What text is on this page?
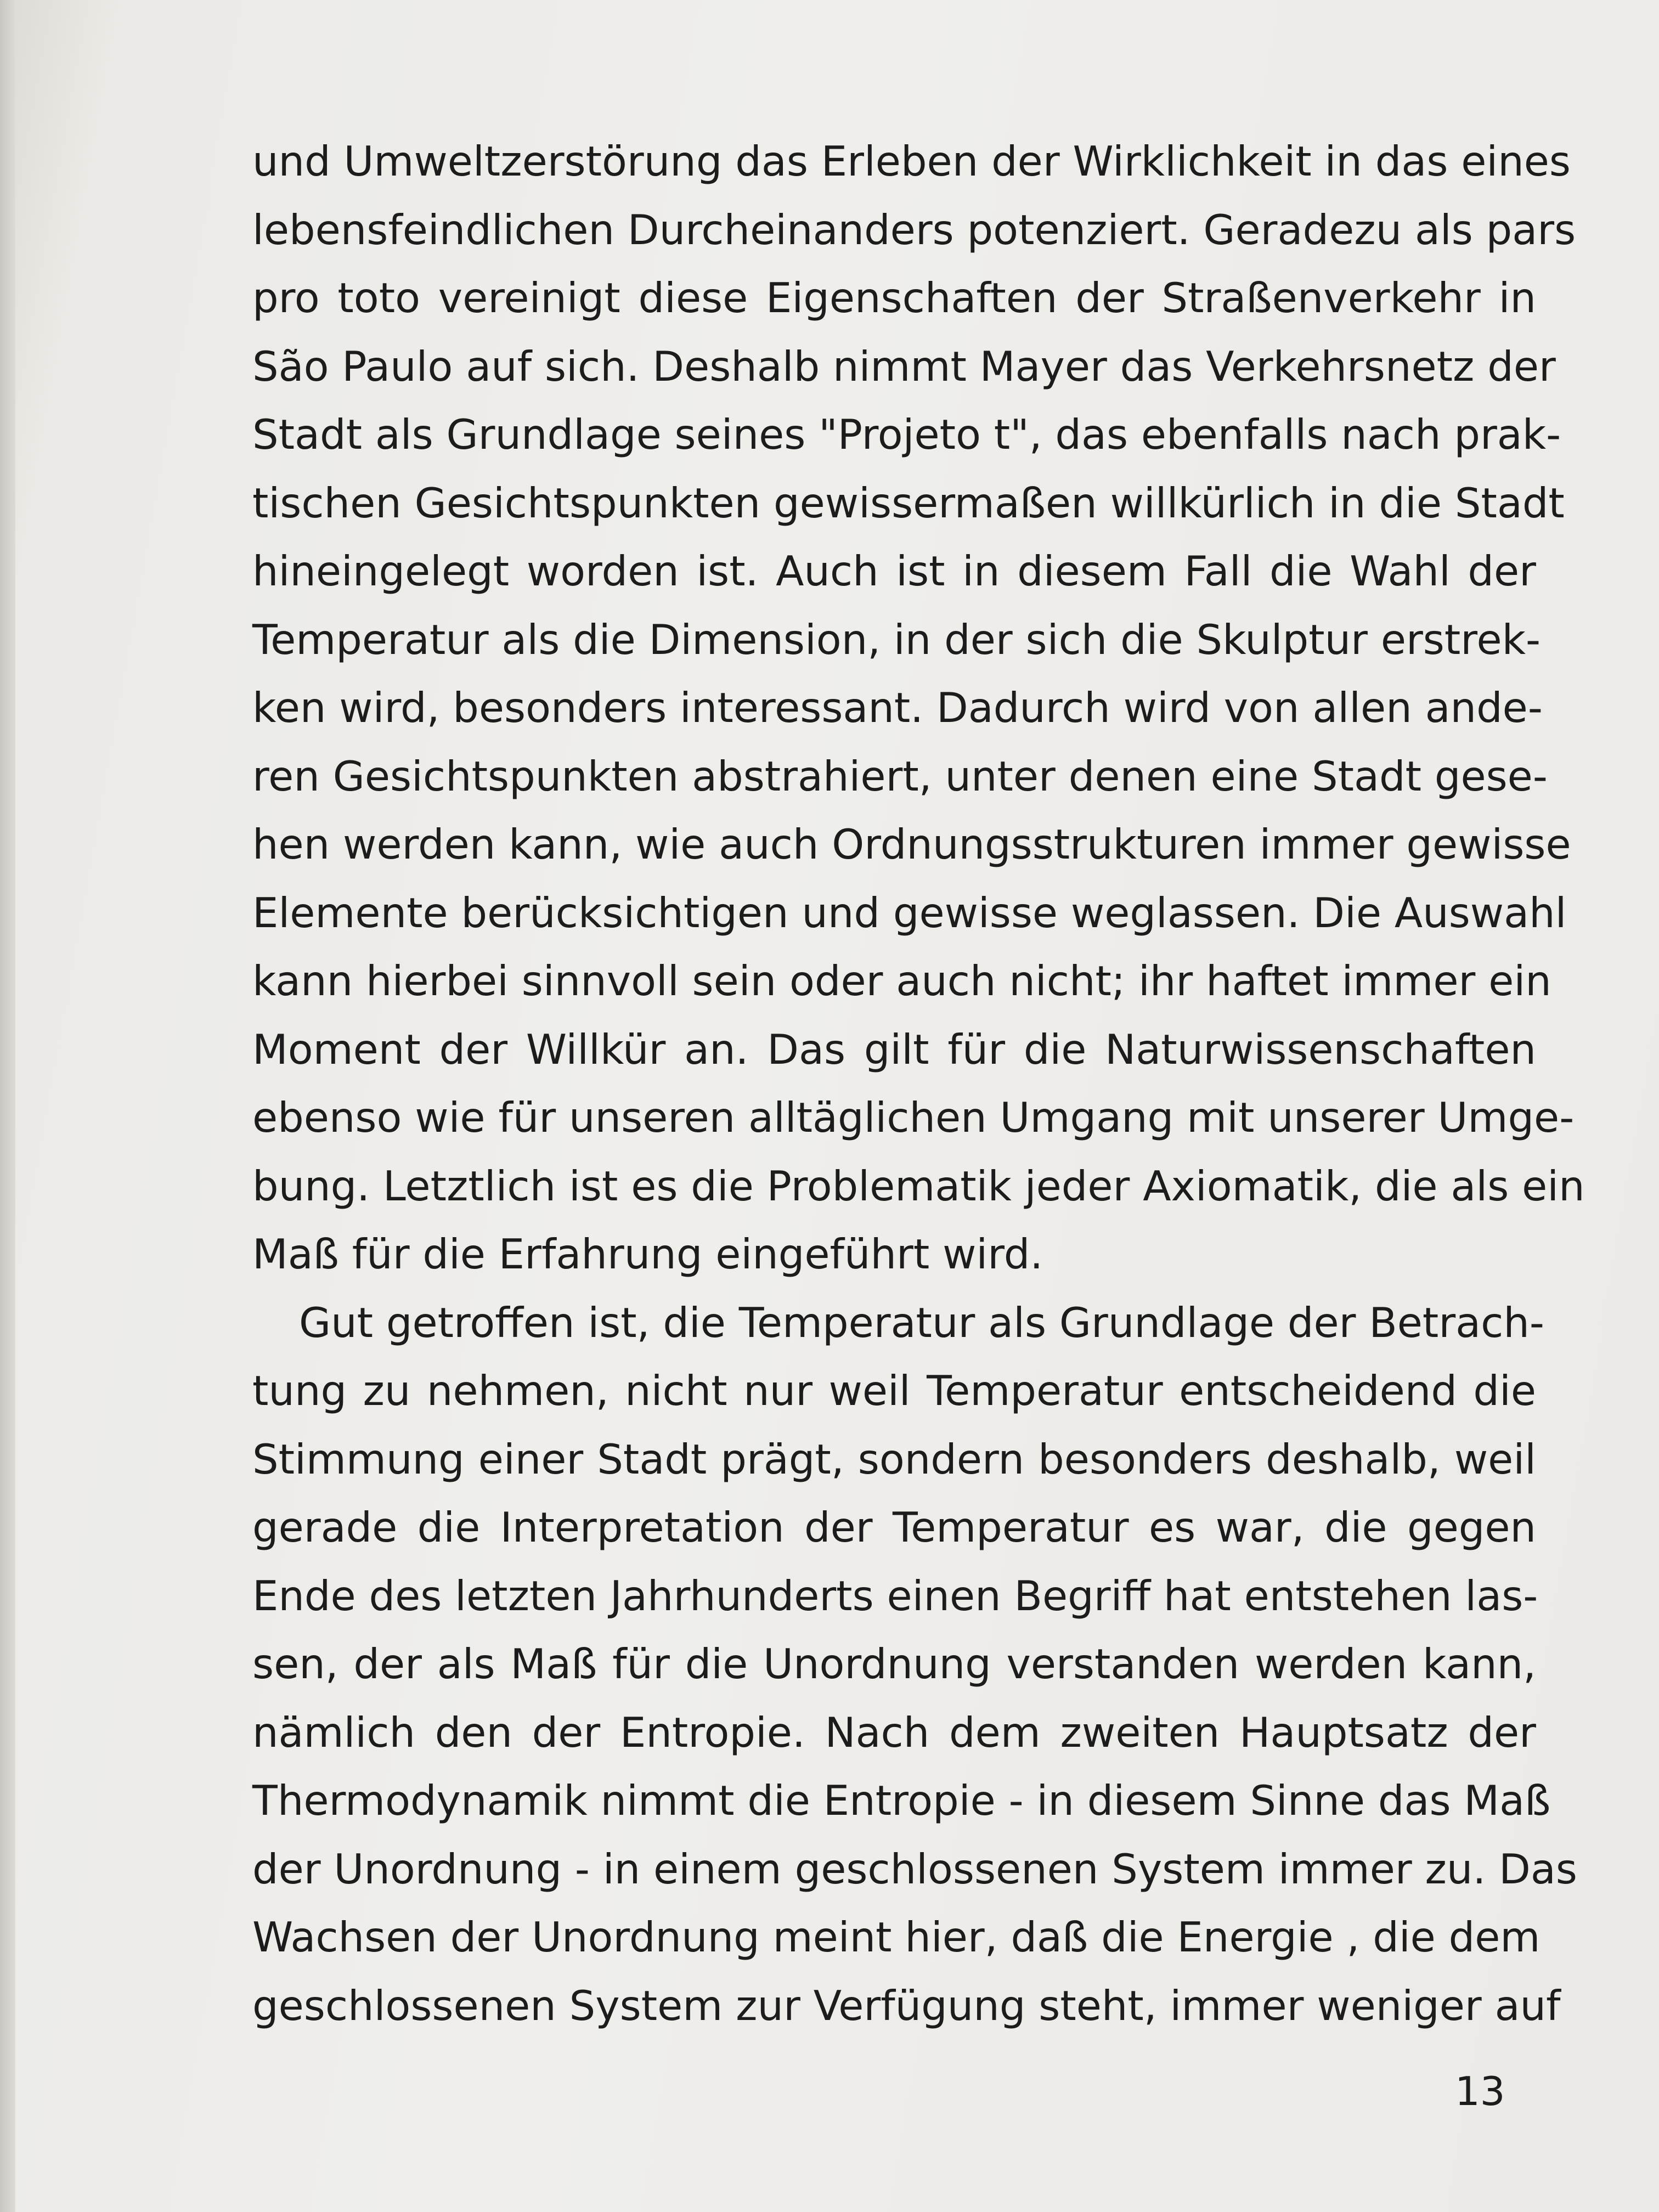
und Umweltzerstörung das Erleben der Wirklichkeit in das eines
lebensfeindlichen Durcheinanders potenziert. Geradezu als pars
pro toto vereinigt diese Eigenschaften der Straßenverkehr in
São Paulo auf sich. Deshalb nimmt Mayer das Verkehrsnetz der
Stadt als Grundlage seines "Projeto t", das ebenfalls nach prak-
tischen Gesichtspunkten gewissermaßen willkürlich in die Stadt
hineingelegt worden ist. Auch ist in diesem Fall die Wahl der
Temperatur als die Dimension, in der sich die Skulptur erstrek-
ken wird, besonders interessant. Dadurch wird von allen ande-
ren Gesichtspunkten abstrahiert, unter denen eine Stadt gese-
hen werden kann, wie auch Ordnungsstrukturen immer gewisse
Elemente berücksichtigen und gewisse weglassen. Die Auswahl
kann hierbei sinnvoll sein oder auch nicht; ihr haftet immer ein
Moment der Willkür an. Das gilt für die Naturwissenschaften
ebenso wie für unseren alltäglichen Umgang mit unserer Umge-
bung. Letztlich ist es die Problematik jeder Axiomatik, die als ein
Maß für die Erfahrung eingeführt wird.
Gut getroffen ist, die Temperatur als Grundlage der Betrach-
tung zu nehmen, nicht nur weil Temperatur entscheidend die
Stimmung einer Stadt prägt, sondern besonders deshalb, weil
gerade die Interpretation der Temperatur es war, die gegen
Ende des letzten Jahrhunderts einen Begriff hat entstehen las-
sen, der als Maß für die Unordnung verstanden werden kann,
nämlich den der Entropie. Nach dem zweiten Hauptsatz der
Thermodynamik nimmt die Entropie - in diesem Sinne das Maß
der Unordnung - in einem geschlossenen System immer zu. Das
Wachsen der Unordnung meint hier, daß die Energie , die dem
geschlossenen System zur Verfügung steht, immer weniger auf
13
